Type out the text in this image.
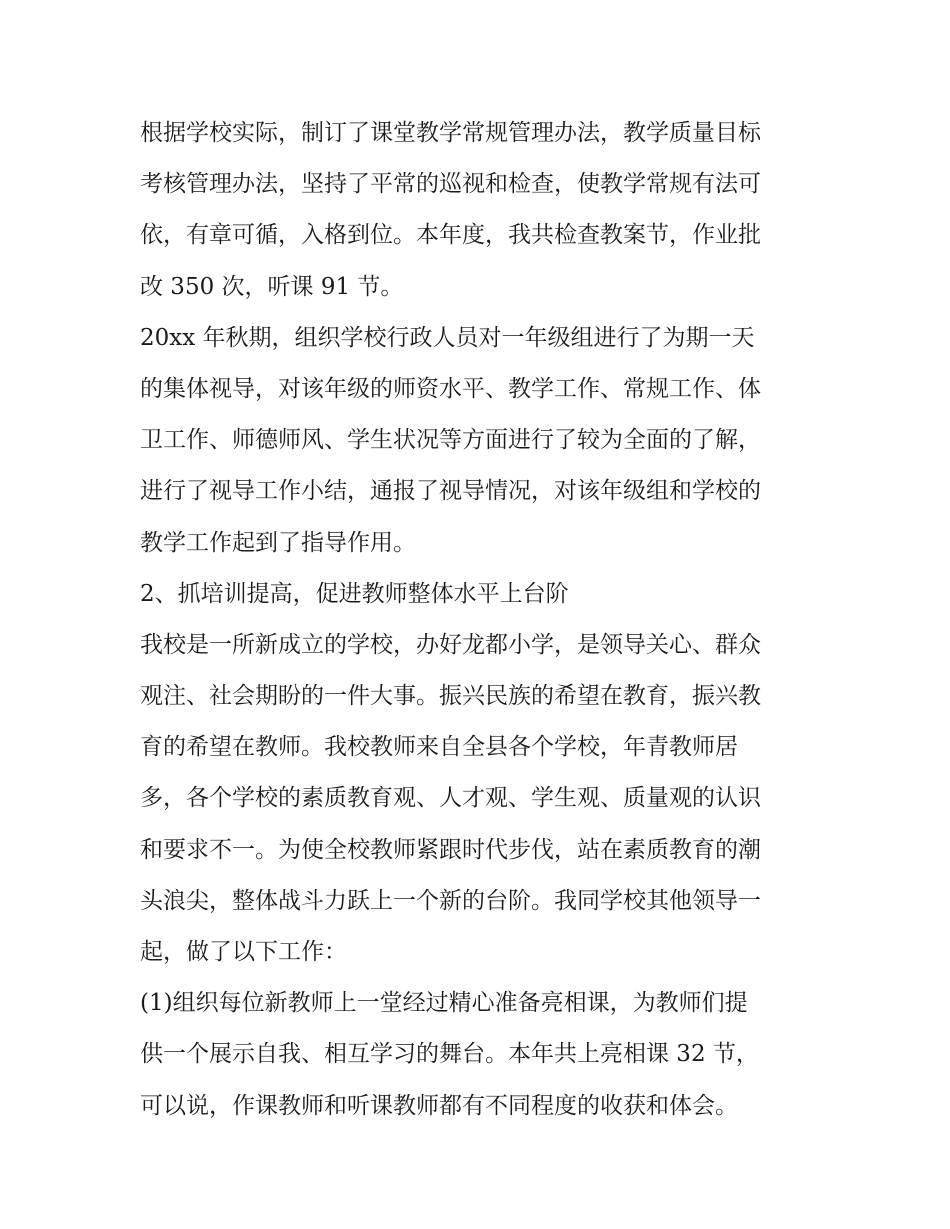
根据学校实际，制订了课堂教学常规管理办法，教学质量目标
考核管理办法，坚持了平常的巡视和检查，使教学常规有法可
依，有章可循，入格到位。本年度，我共检查教案节，作业批
改 350 次，听课 91 节。
20xx 年秋期，组织学校行政人员对一年级组进行了为期一天
的集体视导，对该年级的师资水平、教学工作、常规工作、体
卫工作、师德师风、学生状况等方面进行了较为全面的了解，
进行了视导工作小结，通报了视导情况，对该年级组和学校的
教学工作起到了指导作用。
2、抓培训提高，促进教师整体水平上台阶
我校是一所新成立的学校，办好龙都小学，是领导关心、群众
观注、社会期盼的一件大事。振兴民族的希望在教育，振兴教
育的希望在教师。我校教师来自全县各个学校，年青教师居
多，各个学校的素质教育观、人才观、学生观、质量观的认识
和要求不一。为使全校教师紧跟时代步伐，站在素质教育的潮
头浪尖，整体战斗力跃上一个新的台阶。我同学校其他领导一
起，做了以下工作：
(1)组织每位新教师上一堂经过精心准备亮相课，为教师们提
供一个展示自我、相互学习的舞台。本年共上亮相课 32 节，
可以说，作课教师和听课教师都有不同程度的收获和体会。
